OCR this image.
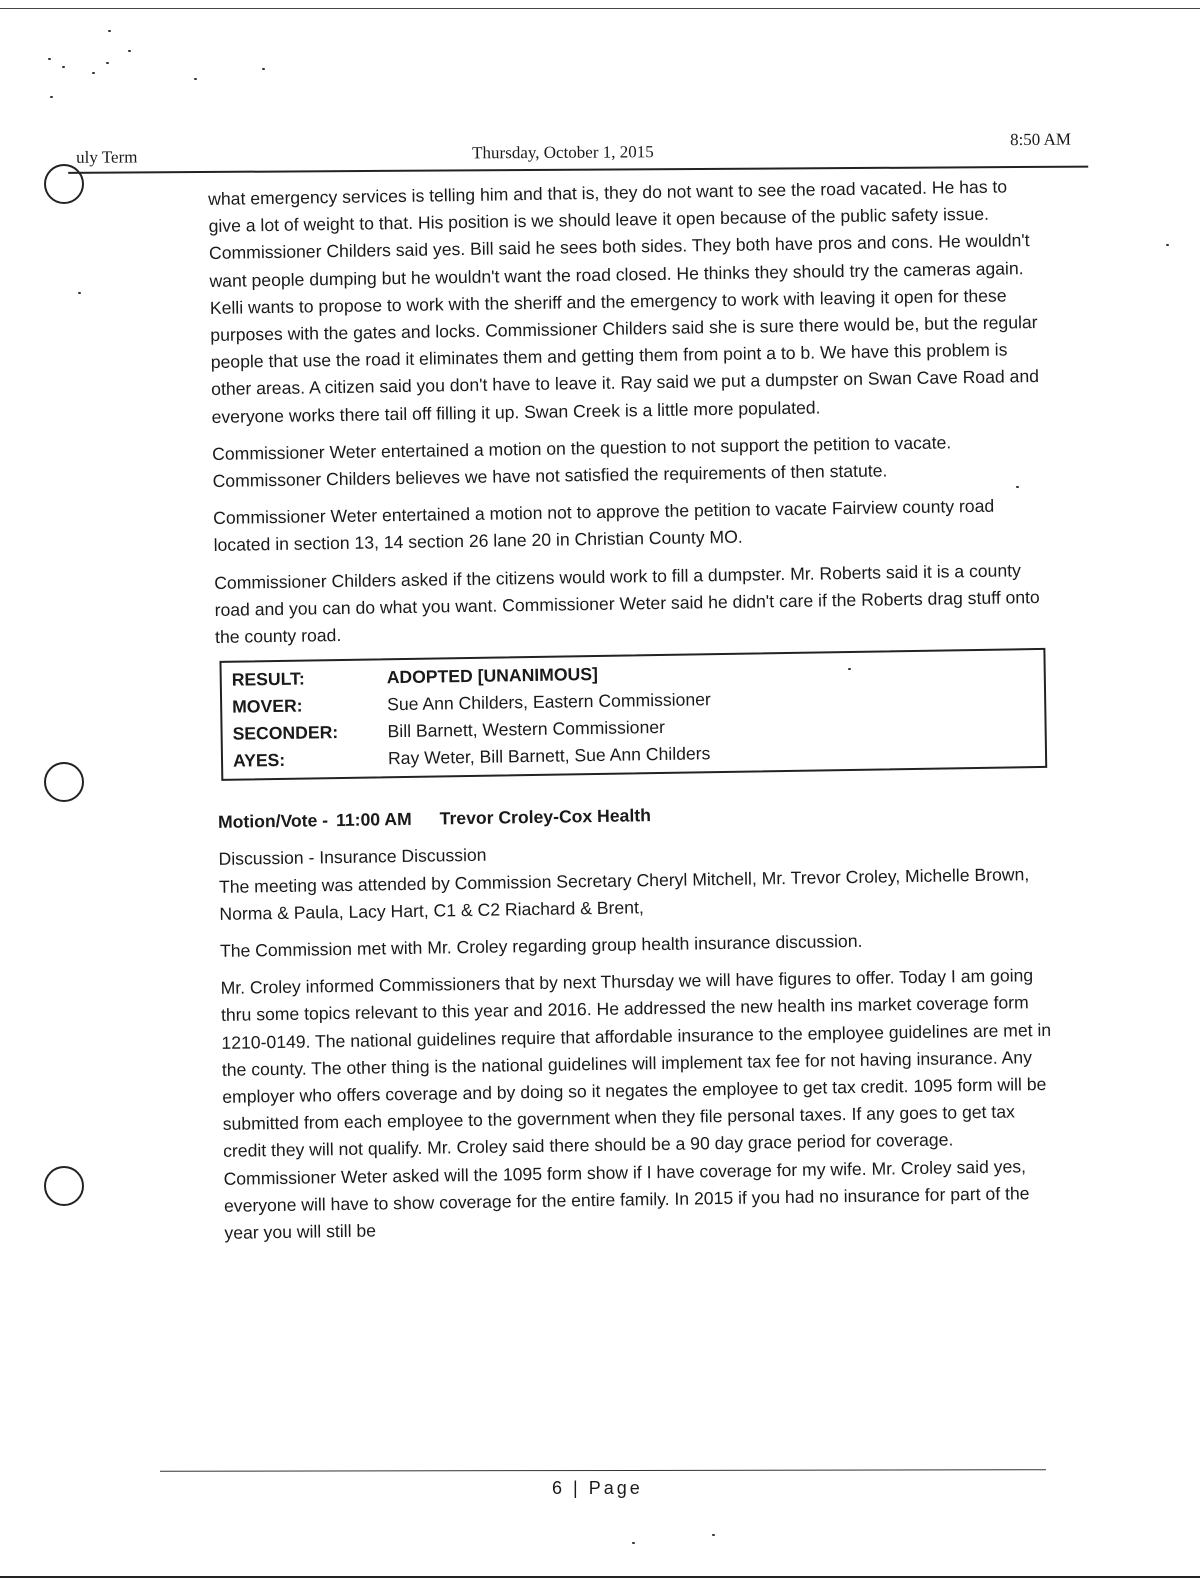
uly Term	Thursday, October 1, 2015
8:50 AM

what emergency services is telling him and that is, they do not want to see the road vacated. He has to give a lot of weight to that. His position is we should leave it open because of the public safety issue. Commissioner Childers said yes. Bill said he sees both sides. They both have pros and cons. He wouldn't want people dumping but he wouldn't want the road closed. He thinks they should try the cameras again. Kelli wants to propose to work with the sheriff and the emergency to work with leaving it open for these purposes with the gates and locks. Commissioner Childers said she is sure there would be, but the regular people that use the road it eliminates them and getting them from point a to b. We have this problem is other areas. A citizen said you don't have to leave it. Ray said we put a dumpster on Swan Cave Road and everyone works there tail off filling it up. Swan Creek is a little more populated.

Commissioner Weter entertained a motion on the question to not support the petition to vacate. Commissoner Childers believes we have not satisfied the requirements of then statute.

Commissioner Weter entertained a motion not to approve the petition to vacate Fairview county road located in section 13, 14 section 26 lane 20 in Christian County MO.

Commissioner Childers asked if the citizens would work to fill a dumpster. Mr. Roberts said it is a county road and you can do what you want. Commissioner Weter said he didn't care if the Roberts drag stuff onto the county road.

RESULT:	ADOPTED [UNANIMOUS]
MOVER:	Sue Ann Childers, Eastern Commissioner
SECONDER:	Bill Barnett, Western Commissioner
AYES:	Ray Weter, Bill Barnett, Sue Ann Childers

Motion/Vote - 11:00 AM Trevor Croley-Cox Health

Discussion - Insurance Discussion

The meeting was attended by Commission Secretary Cheryl Mitchell, Mr. Trevor Croley, Michelle Brown, Norma & Paula, Lacy Hart, C1 & C2 Riachard & Brent,

The Commission met with Mr. Croley regarding group health insurance discussion.

Mr. Croley informed Commissioners that by next Thursday we will have figures to offer. Today I am going thru some topics relevant to this year and 2016. He addressed the new health ins market coverage form 1210-0149. The national guidelines require that affordable insurance to the employee guidelines are met in the county. The other thing is the national guidelines will implement tax fee for not having insurance. Any employer who offers coverage and by doing so it negates the employee to get tax credit. 1095 form will be submitted from each employee to the government when they file personal taxes. If any goes to get tax credit they will not qualify. Mr. Croley said there should be a 90 day grace period for coverage. Commissioner Weter asked will the 1095 form show if I have coverage for my wife. Mr. Croley said yes, everyone will have to show coverage for the entire family. In 2015 if you had no insurance for part of the year you will still be

6 | Page
